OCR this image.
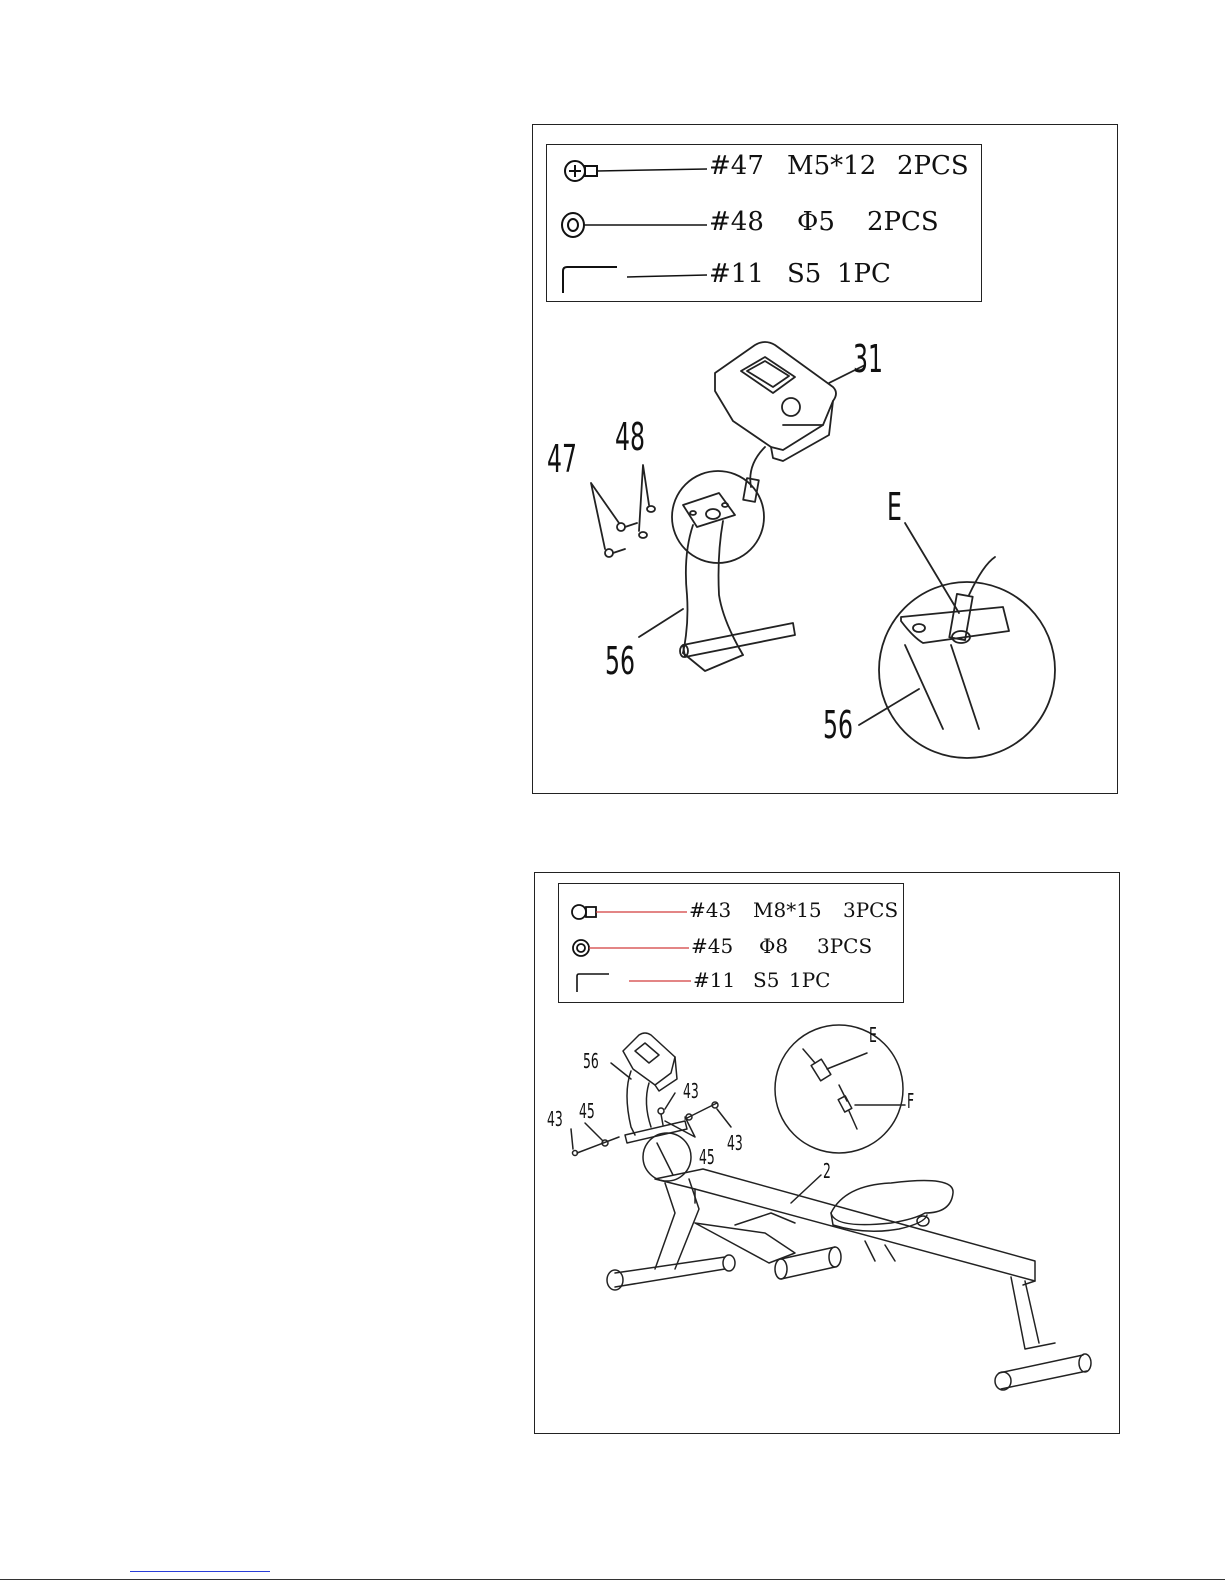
#47 M5*12 2PCS
#48 Φ5 2PCS
#11 S5 1PC
31
47 48
56
E
56
#43 M8*15 3PCS
#45 Φ8 3PCS
#11 S5 1PC
56
43
45
43
45
43
E
F
2
